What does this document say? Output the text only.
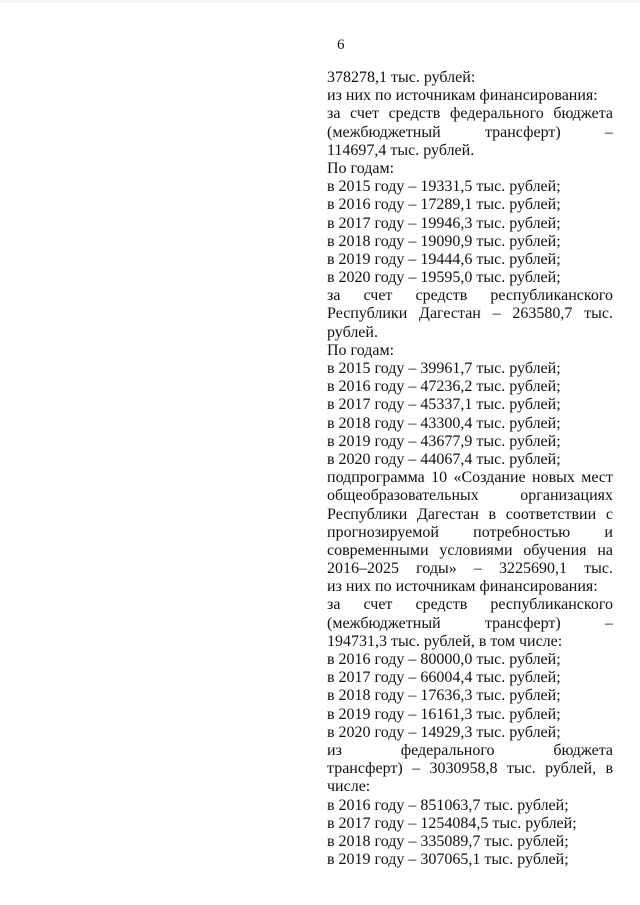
6
378278,1 тыс. рублей:
из них по источникам финансирования:
за счет средств федерального бюджета
(межбюджетный трансферт) –
114697,4 тыс. рублей.
По годам:
в 2015 году – 19331,5 тыс. рублей;
в 2016 году – 17289,1 тыс. рублей;
в 2017 году – 19946,3 тыс. рублей;
в 2018 году – 19090,9 тыс. рублей;
в 2019 году – 19444,6 тыс. рублей;
в 2020 году – 19595,0 тыс. рублей;
за счет средств республиканского
Республики Дагестан – 263580,7 тыс.
рублей.
По годам:
в 2015 году – 39961,7 тыс. рублей;
в 2016 году – 47236,2 тыс. рублей;
в 2017 году – 45337,1 тыс. рублей;
в 2018 году – 43300,4 тыс. рублей;
в 2019 году – 43677,9 тыс. рублей;
в 2020 году – 44067,4 тыс. рублей;
подпрограмма 10 «Создание новых мест
общеобразовательных организациях
Республики Дагестан в соответствии с
прогнозируемой потребностью и
современными условиями обучения на
2016–2025 годы» – 3225690,1 тыс.
из них по источникам финансирования:
за счет средств республиканского
(межбюджетный трансферт) –
194731,3 тыс. рублей, в том числе:
в 2016 году – 80000,0 тыс. рублей;
в 2017 году – 66004,4 тыс. рублей;
в 2018 году – 17636,3 тыс. рублей;
в 2019 году – 16161,3 тыс. рублей;
в 2020 году – 14929,3 тыс. рублей;
из федерального бюджета
трансферт) – 3030958,8 тыс. рублей, в
числе:
в 2016 году – 851063,7 тыс. рублей;
в 2017 году – 1254084,5 тыс. рублей;
в 2018 году – 335089,7 тыс. рублей;
в 2019 году – 307065,1 тыс. рублей;
